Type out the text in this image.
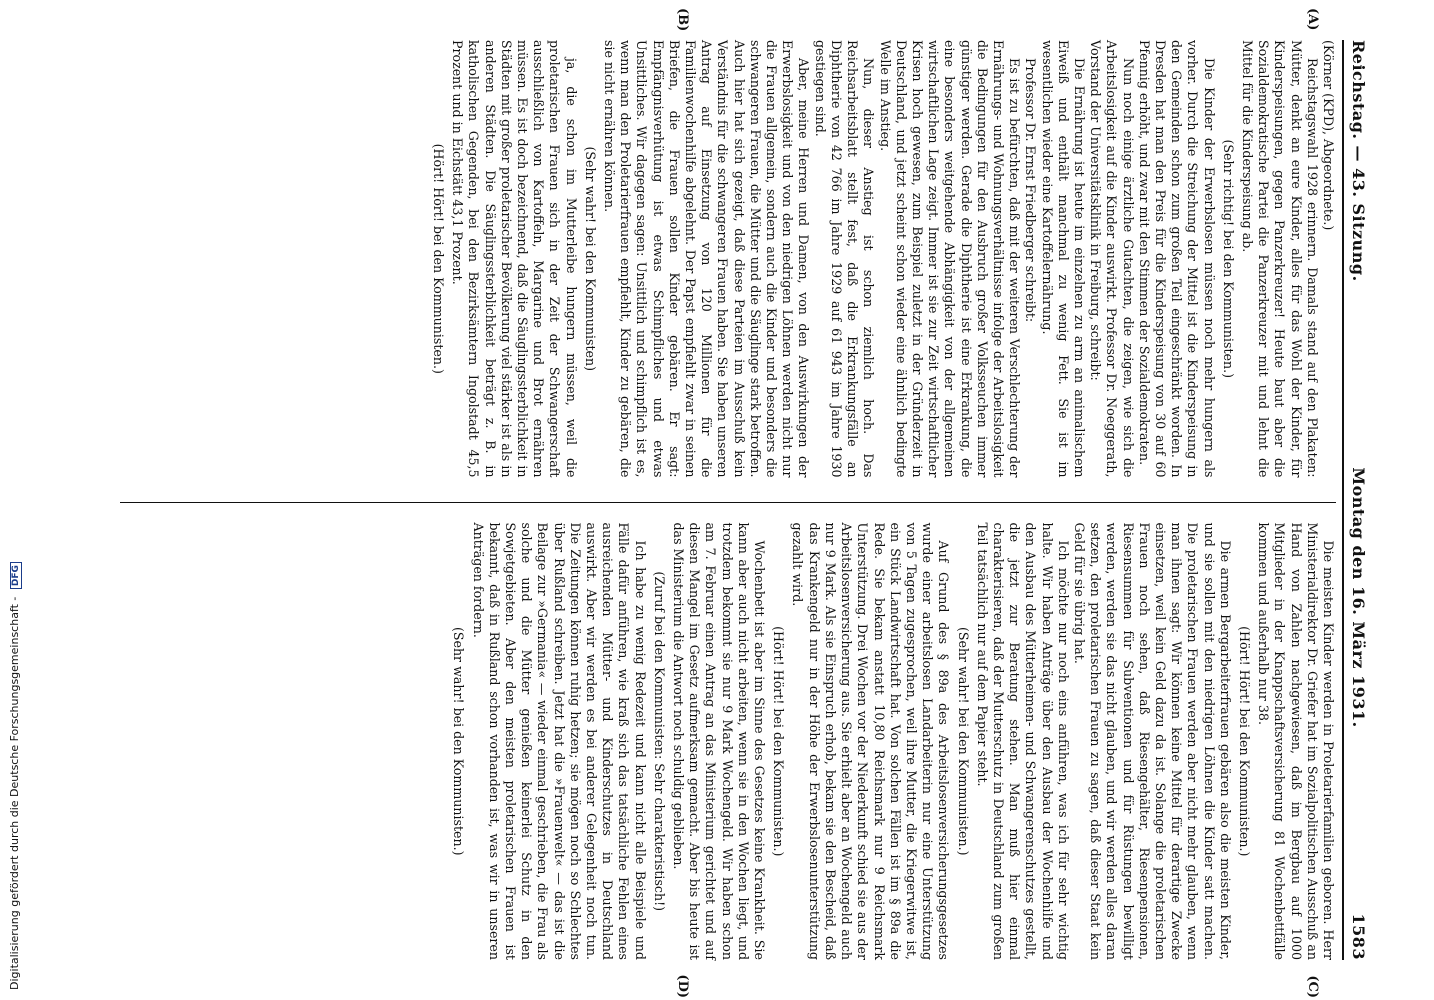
Digitalisierung gefördert durch die Deutsche Forschungsgemeinschaft - DFG
Reichstag. — 43. Sitzung.
Montag den 16. März 1931.
1583

(Körner (KPD), Abgeordnete.)

Reichstagswahl 1928 erinnern. Damals stand auf den Plakaten: Mütter, denkt an eure Kinder, alles für das Wohl der Kinder, für Kinderspeisungen, gegen Panzerkreuzer! Heute baut aber die Sozialdemokratische Partei die Panzerkreuzer mit und lehnt die Mittel für die Kinderspeisung ab.

(Sehr richtig! bei den Kommunisten.)

Die Kinder der Erwerbslosen müssen noch mehr hungern als vorher. Durch die Streichung der Mittel ist die Kinderspeisung in den Gemeinden schon zum großen Teil eingeschränkt worden. In Dresden hat man den Preis für die Kinderspeisung von 30 auf 60 Pfennig erhöht, und zwar mit den Stimmen der Sozialdemokraten.

Nun noch einige ärztliche Gutachten, die zeigen, wie sich die Arbeitslosigkeit auf die Kinder auswirkt. Professor Dr. Noeggerath, Vorstand der Universitätsklinik in Freiburg, schreibt:

Die Ernährung ist heute im einzelnen zu arm an animalischem Eiweiß und enthält manchmal zu wenig Fett. Sie ist im wesentlichen wieder eine Kartoffelernährung.

Professor Dr. Ernst Friedberger schreibt:

Es ist zu befürchten, daß mit der weiteren Verschlechterung der Ernährungs- und Wohnungsverhältnisse infolge der Arbeitslosigkeit die Bedingungen für den Ausbruch großer Volksseuchen immer günstiger werden. Gerade die Diphtherie ist eine Erkrankung, die eine besonders weitgehende Abhängigkeit von der allgemeinen wirtschaftlichen Lage zeigt. Immer ist sie zur Zeit wirtschaftlicher Krisen hoch gewesen, zum Beispiel zuletzt in der Gründerzeit in Deutschland, und jetzt scheint schon wieder eine ähnlich bedingte Welle im Anstieg.

Nun, dieser Anstieg ist schon ziemlich hoch. Das Reichsarbeitsblatt stellt fest, daß die Erkrankungsfälle an Diphtherie von 42 766 im Jahre 1929 auf 61 943 im Jahre 1930 gestiegen sind.

Aber, meine Herren und Damen, von den Auswirkungen der Erwerbslosigkeit und von den niedrigen Löhnen werden nicht nur die Frauen allgemein, sondern auch die Kinder und besonders die schwangeren Frauen, die Mütter und die Säuglinge stark betroffen. Auch hier hat sich gezeigt, daß diese Parteien im Ausschuß kein Verständnis für die schwangeren Frauen haben. Sie haben unseren Antrag auf Einsetzung von 120 Millionen für die Familienwochenhilfe abgelehnt. Der Papst empfiehlt zwar in seinen Briefen, die Frauen sollen Kinder gebären. Er sagt: Empfängnisverhütung ist etwas Schimpfliches und etwas Unsittliches. Wir dagegen sagen: Unsittlich und schimpflich ist es, wenn man den Proletarierfrauen empfiehlt, Kinder zu gebären, die sie nicht ernähren können.

(Sehr wahr! bei den Kommunisten)

ja, die schon im Mutterleibe hungern müssen, weil die proletarischen Frauen sich in der Zeit der Schwangerschaft ausschließlich von Kartoffeln, Margarine und Brot ernähren müssen. Es ist doch bezeichnend, daß die Säuglingssterblichkeit in Städten mit großer proletarischer Bevölkerung viel stärker ist als in anderen Städten. Die Säuglingssterblichkeit beträgt z. B. in katholischen Gegenden, bei den Bezirksämtern Ingolstadt 45,5 Prozent und in Eichstätt 43,1 Prozent.

(Hört! Hört! bei den Kommunisten.)

Die meisten Kinder werden in Proletarierfamilien geboren. Herr Ministerialdirektor Dr. Griefer hat im Sozialpolitischen Ausschuß an Hand von Zahlen nachgewiesen, daß im Bergbau auf 1000 Mitglieder in der Knappschaftsversicherung 81 Wochenbettfälle kommen und außerhalb nur 38.

(Hört! Hört! bei den Kommunisten.)

Die armen Bergarbeiterfrauen gebären also die meisten Kinder, und sie sollen mit den niedrigen Löhnen die Kinder satt machen. Die proletarischen Frauen werden aber nicht mehr glauben, wenn man ihnen sagt: Wir können keine Mittel für derartige Zwecke einsetzen, weil kein Geld dazu da ist. Solange die proletarischen Frauen noch sehen, daß Riesengehälter, Riesenpensionen, Riesensummen für Subventionen und für Rüstungen bewilligt werden, werden sie das nicht glauben, und wir werden alles daran setzen, den proletarischen Frauen zu sagen, daß dieser Staat kein Geld für sie übrig hat.

Ich möchte nur noch eins anführen, was ich für sehr wichtig halte. Wir haben Anträge über den Ausbau der Wochenhilfe und den Ausbau des Mütterheimen- und Schwangerenschutzes gestellt, die jetzt zur Beratung stehen. Man muß hier einmal charakterisieren, daß der Mutterschutz in Deutschland zum großen Teil tatsächlich nur auf dem Papier steht.

(Sehr wahr! bei den Kommunisten.)

Auf Grund des § 89a des Arbeitslosenversicherungsgesetzes wurde einer arbeitslosen Landarbeiterin nur eine Unterstützung von 5 Tagen zugesprochen, weil ihre Mutter, die Kriegerwitwe ist, ein Stück Landwirtschaft hat. Von solchen Fällen ist im § 89a die Rede. Sie bekam anstatt 10,80 Reichsmark nur 9 Reichsmark Unterstützung. Drei Wochen vor der Niederkunft schied sie aus der Arbeitslosenversicherung aus. Sie erhielt aber an Wochengeld auch nur 9 Mark. Als sie Einspruch erhob, bekam sie den Bescheid, daß das Krankengeld nur in der Höhe der Erwerbslosenunterstützung gezahlt wird.

(Hört! Hört! bei den Kommunisten.)

Wochenbett ist aber im Sinne des Gesetzes keine Krankheit. Sie kann aber auch nicht arbeiten, wenn sie in den Wochen liegt, und trotzdem bekommt sie nur 9 Mark Wochengeld. Wir haben schon am 7. Februar einen Antrag an das Ministerium gerichtet und auf diesen Mangel im Gesetz aufmerksam gemacht. Aber bis heute ist das Ministerium die Antwort noch schuldig geblieben.

(Zuruf bei den Kommunisten: Sehr charakteristisch!)

Ich habe zu wenig Redezeit und kann nicht alle Beispiele und Fälle dafür anführen, wie kraß sich das tatsächliche Fehlen eines ausreichenden Mütter- und Kinderschutzes in Deutschland auswirkt. Aber wir werden es bei anderer Gelegenheit noch tun. Die Zeitungen können ruhig hetzen; sie mögen noch so Schlechtes über Rußland schreiben. Jetzt hat die »Frauenwelt« — das ist die Beilage zur »Germania« — wieder einmal geschrieben, die Frau als solche und die Mütter genießen keinerlei Schutz in den Sowjetgebieten. Aber den meisten proletarischen Frauen ist bekannt, daß in Rußland schon vorhanden ist, was wir in unseren Anträgen fordern.

(Sehr wahr! bei den Kommunisten.)

(A)
(B)
(C)
(D)
